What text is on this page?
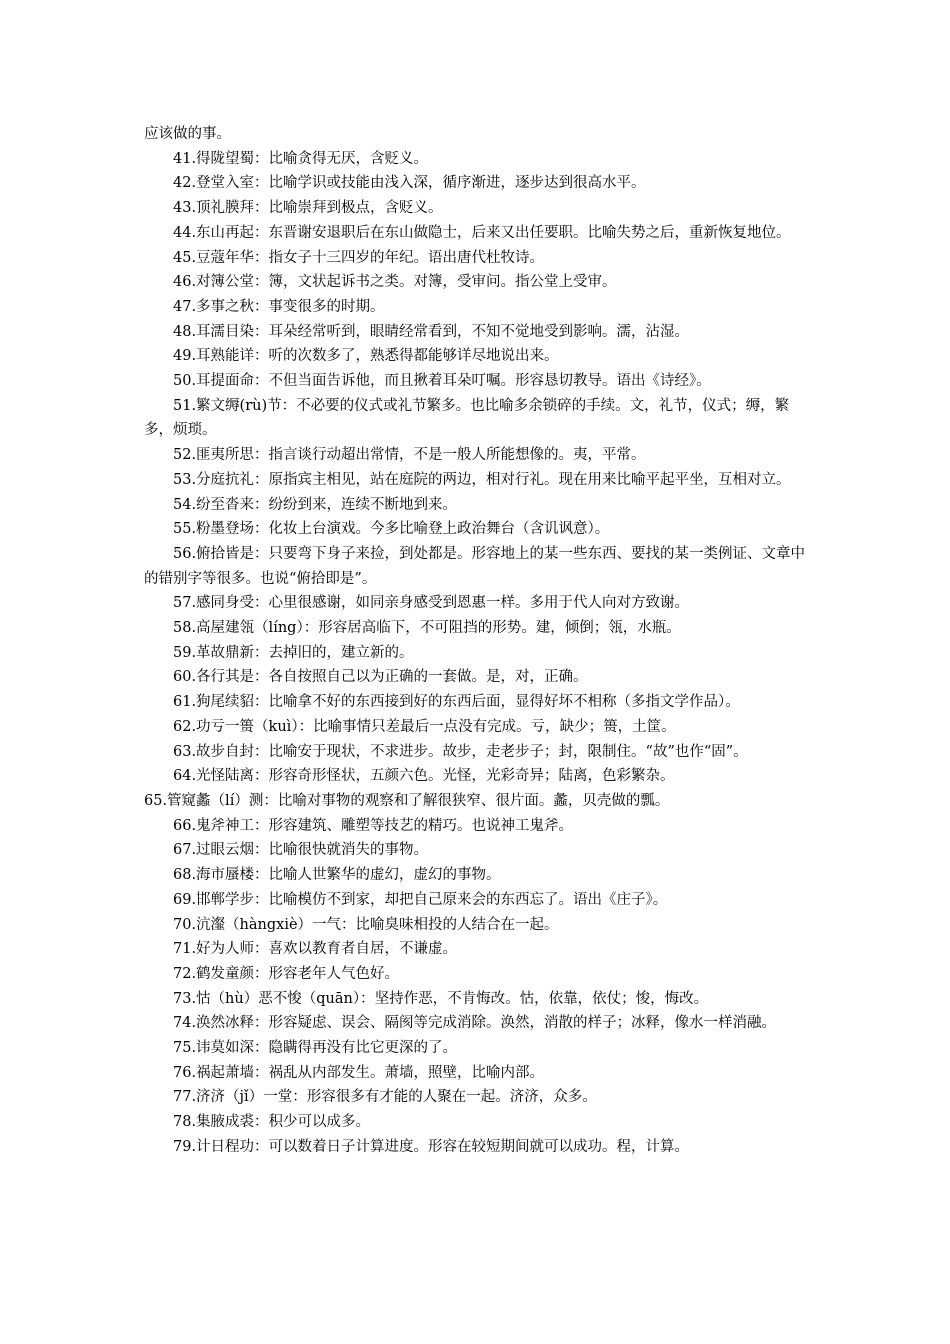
应该做的事。

41.得陇望蜀：比喻贪得无厌，含贬义。

42.登堂入室：比喻学识或技能由浅入深，循序渐进，逐步达到很高水平。

43.顶礼膜拜：比喻崇拜到极点，含贬义。

44.东山再起：东晋谢安退职后在东山做隐士，后来又出任要职。比喻失势之后，重新恢复地位。

45.豆蔻年华：指女子十三四岁的年纪。语出唐代杜牧诗。

46.对簿公堂：簿，文状起诉书之类。对簿，受审问。指公堂上受审。

47.多事之秋：事变很多的时期。

48.耳濡目染：耳朵经常听到，眼睛经常看到，不知不觉地受到影响。濡，沾湿。

49.耳熟能详：听的次数多了，熟悉得都能够详尽地说出来。

50.耳提面命：不但当面告诉他，而且揪着耳朵叮嘱。形容恳切教导。语出《诗经》。

51.繁文缛(rù)节：不必要的仪式或礼节繁多。也比喻多余锁碎的手续。文，礼节，仪式；缛，繁多，烦琐。

52.匪夷所思：指言谈行动超出常情，不是一般人所能想像的。夷，平常。

53.分庭抗礼：原指宾主相见，站在庭院的两边，相对行礼。现在用来比喻平起平坐，互相对立。

54.纷至沓来：纷纷到来，连续不断地到来。

55.粉墨登场：化妆上台演戏。今多比喻登上政治舞台（含讥讽意）。

56.俯拾皆是：只要弯下身子来捡，到处都是。形容地上的某一些东西、要找的某一类例证、文章中的错别字等很多。也说“俯拾即是”。

57.感同身受：心里很感谢，如同亲身感受到恩惠一样。多用于代人向对方致谢。

58.高屋建瓴（líng）：形容居高临下，不可阻挡的形势。建，倾倒；瓴，水瓶。

59.革故鼎新：去掉旧的，建立新的。

60.各行其是：各自按照自己以为正确的一套做。是，对，正确。

61.狗尾续貂：比喻拿不好的东西接到好的东西后面，显得好坏不相称（多指文学作品）。

62.功亏一篑（kuì）：比喻事情只差最后一点没有完成。亏，缺少；篑，土筐。

63.故步自封：比喻安于现状，不求进步。故步，走老步子；封，限制住。“故”也作“固”。

64.光怪陆离：形容奇形怪状，五颜六色。光怪，光彩奇异；陆离，色彩繁杂。

65.管窥蠡（lí）测：比喻对事物的观察和了解很狭窄、很片面。蠡，贝壳做的瓢。

66.鬼斧神工：形容建筑、雕塑等技艺的精巧。也说神工鬼斧。

67.过眼云烟：比喻很快就消失的事物。

68.海市蜃楼：比喻人世繁华的虚幻，虚幻的事物。

69.邯郸学步：比喻模仿不到家，却把自己原来会的东西忘了。语出《庄子》。

70.沆瀣（hàngxiè）一气：比喻臭味相投的人结合在一起。

71.好为人师：喜欢以教育者自居，不谦虚。

72.鹤发童颜：形容老年人气色好。

73.怙（hù）恶不悛（quān）：坚持作恶，不肯悔改。怙，依靠，依仗；悛，悔改。

74.涣然冰释：形容疑虑、误会、隔阂等完成消除。涣然，消散的样子；冰释，像水一样消融。

75.讳莫如深：隐瞒得再没有比它更深的了。

76.祸起萧墙：祸乱从内部发生。萧墙，照壁，比喻内部。

77.济济（jǐ）一堂：形容很多有才能的人聚在一起。济济，众多。

78.集腋成裘：积少可以成多。

79.计日程功：可以数着日子计算进度。形容在较短期间就可以成功。程，计算。
